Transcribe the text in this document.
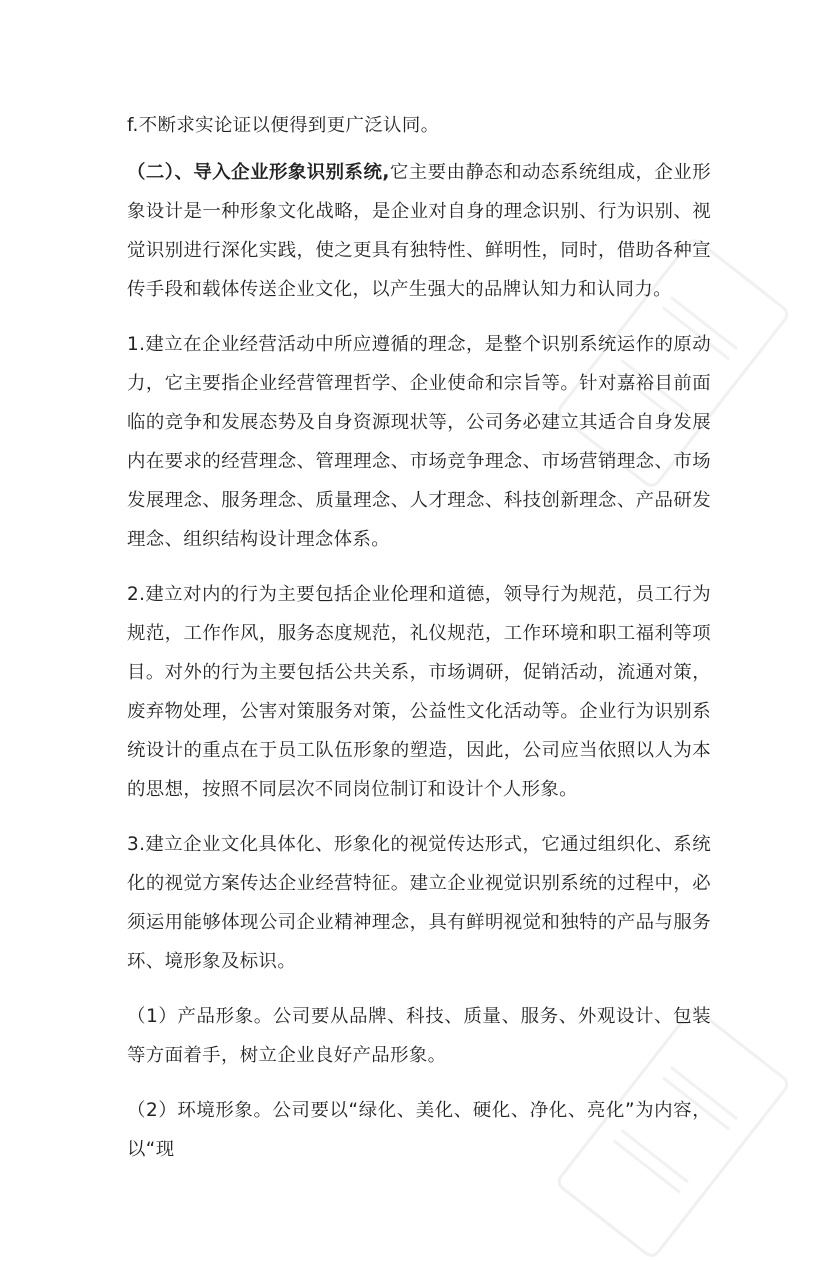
f.不断求实论证以便得到更广泛认同。

（二）、导入企业形象识别系统,它主要由静态和动态系统组成，企业形象设计是一种形象文化战略，是企业对自身的理念识别、行为识别、视觉识别进行深化实践，使之更具有独特性、鲜明性，同时，借助各种宣传手段和载体传送企业文化，以产生强大的品牌认知力和认同力。

1.建立在企业经营活动中所应遵循的理念，是整个识别系统运作的原动力，它主要指企业经营管理哲学、企业使命和宗旨等。针对嘉裕目前面临的竞争和发展态势及自身资源现状等，公司务必建立其适合自身发展内在要求的经营理念、管理理念、市场竞争理念、市场营销理念、市场发展理念、服务理念、质量理念、人才理念、科技创新理念、产品研发理念、组织结构设计理念体系。

2.建立对内的行为主要包括企业伦理和道德，领导行为规范，员工行为规范，工作作风，服务态度规范，礼仪规范，工作环境和职工福利等项目。对外的行为主要包括公共关系，市场调研，促销活动，流通对策，废弃物处理，公害对策服务对策，公益性文化活动等。企业行为识别系统设计的重点在于员工队伍形象的塑造，因此，公司应当依照以人为本的思想，按照不同层次不同岗位制订和设计个人形象。

3.建立企业文化具体化、形象化的视觉传达形式，它通过组织化、系统化的视觉方案传达企业经营特征。建立企业视觉识别系统的过程中，必须运用能够体现公司企业精神理念，具有鲜明视觉和独特的产品与服务环、境形象及标识。

（1）产品形象。公司要从品牌、科技、质量、服务、外观设计、包装等方面着手，树立企业良好产品形象。

（2）环境形象。公司要以“绿化、美化、硬化、净化、亮化”为内容，以“现
